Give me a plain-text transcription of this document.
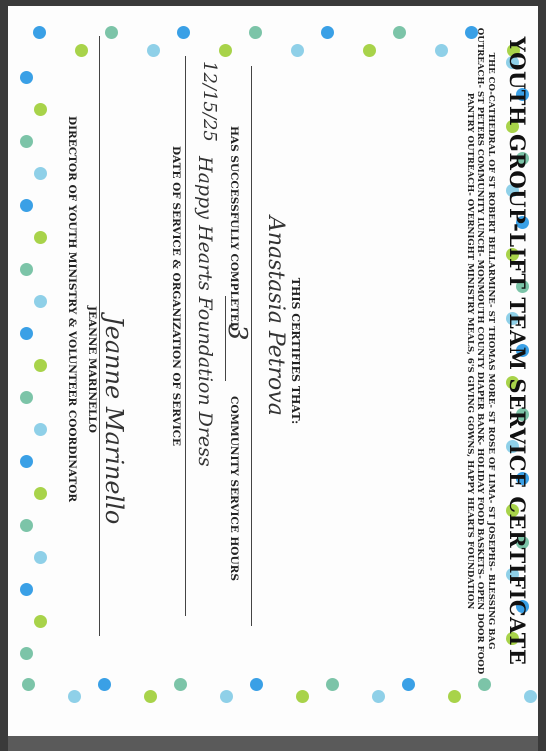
YOUTH GROUP-LIFT TEAM SERVICE CERTIFICATE
THE CO-CATHEDRAL OF ST ROBERT BELLARMINE- ST THOMAS MORE- ST ROSE OF LIMA- ST JOSEPHS- BLESSING BAG OUTREACH- ST PETERS COMMUNITY LUNCH- MONMOUTH COUNTY DIAPER BANK- HOLIDAY FOOD BASKETS- OPEN DOOR FOOD PANTRY OUTREACH- OVERNIGHT MINISTRY MEALS, 6'S GIVING GOWNS, HAPPY HEARTS FOUNDATION
THIS CERTIFIES THAT:
Anastasia Petrova
HAS SUCCESSFULLY COMPLETED
3
COMMUNITY SERVICE HOURS
12/15/25
Happy Hearts Foundation Dress
DATE OF SERVICE & ORGANIZATION OF SERVICE
Jeanne Marinello
JEANNE MARINELLO
DIRECTOR OF YOUTH MINISTRY & VOLUNTEER COORDINATOR
